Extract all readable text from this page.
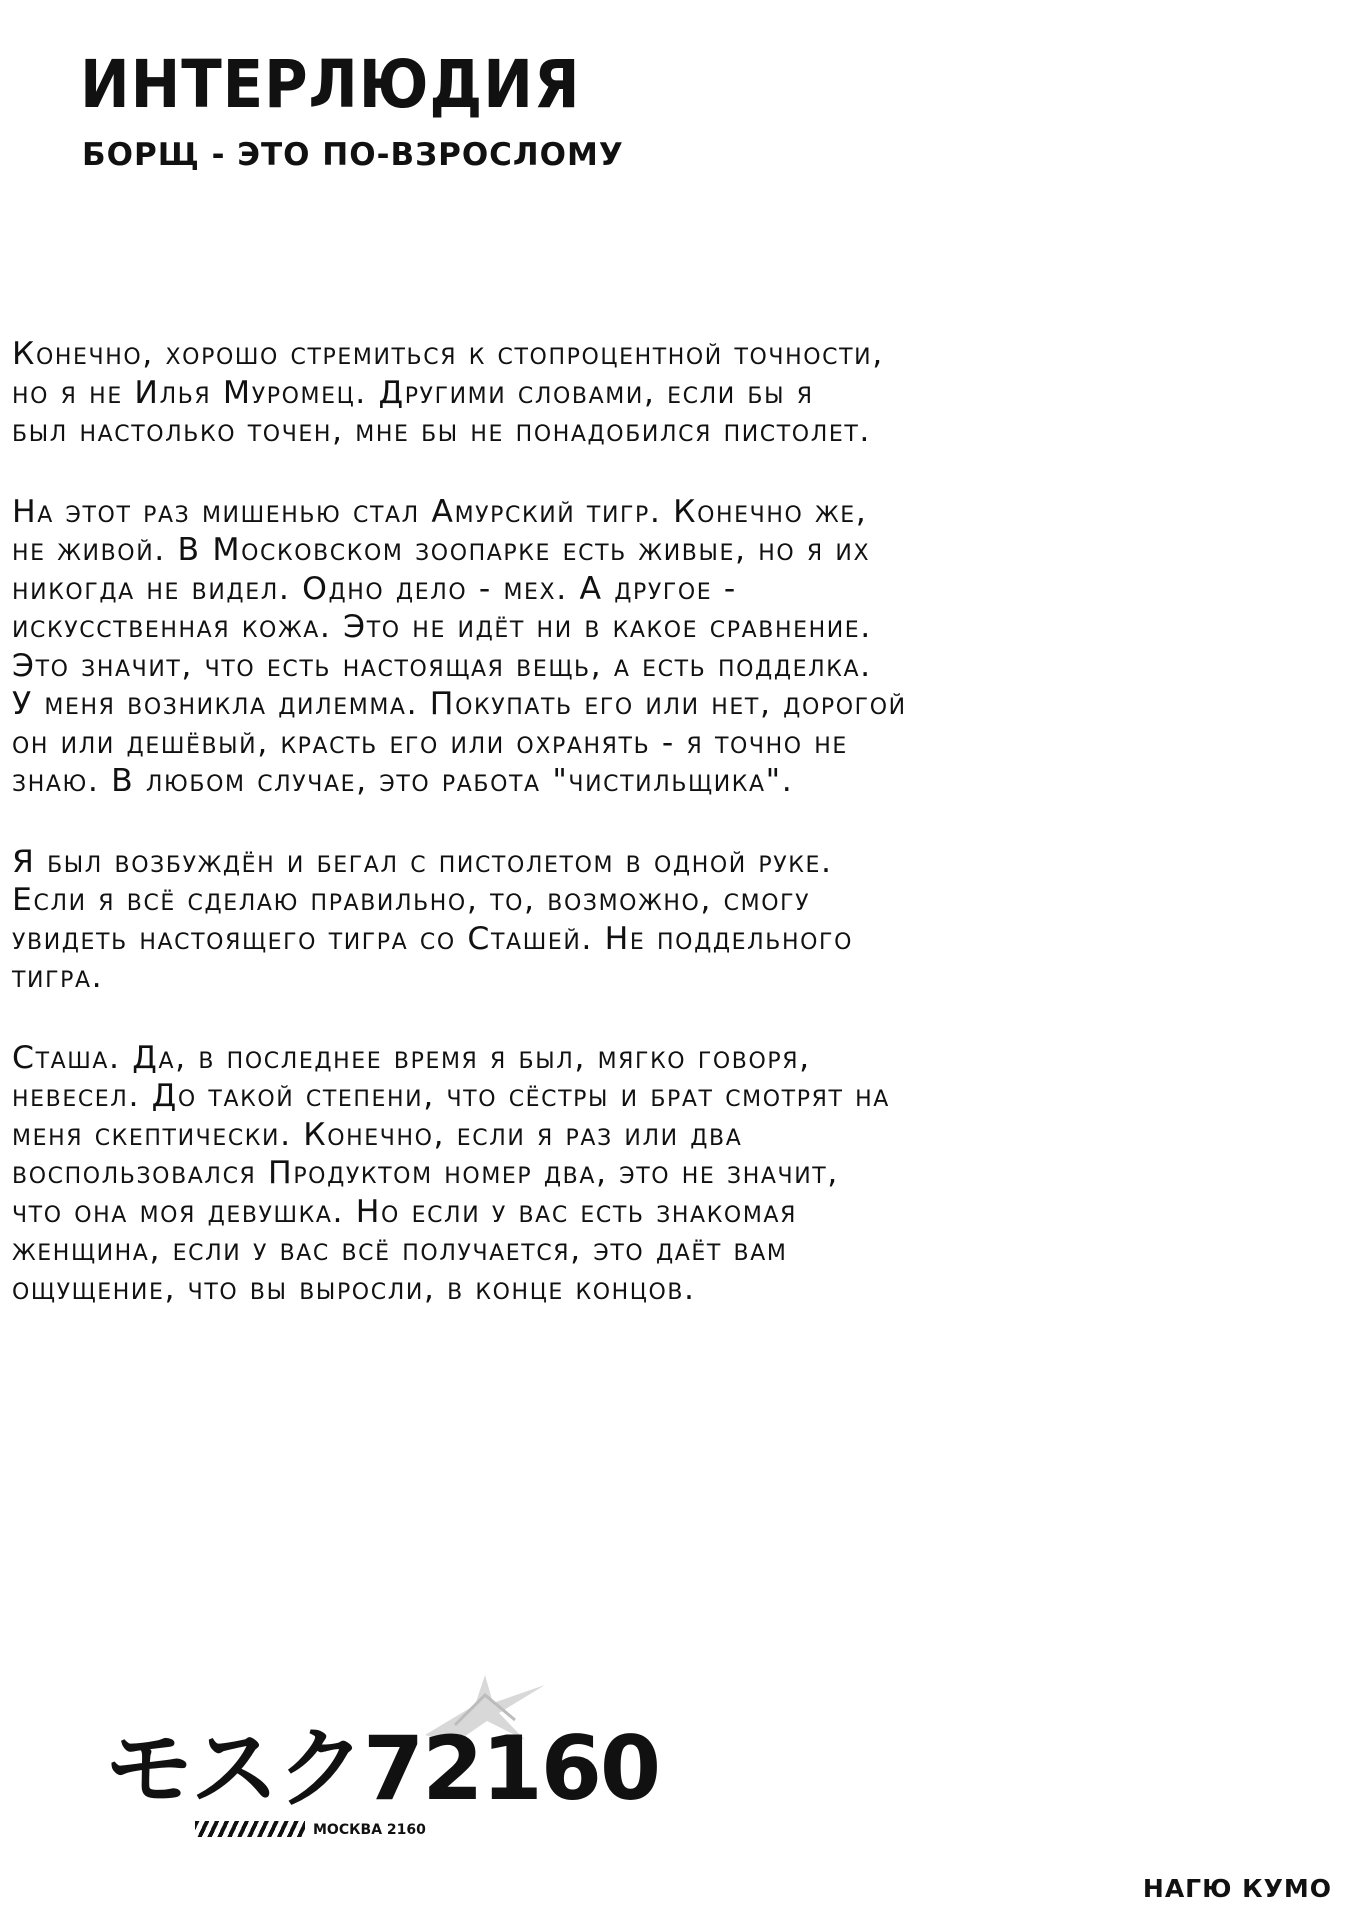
ИНТЕРЛЮДИЯ
БОРЩ - ЭТО ПО-ВЗРОСЛОМУ

Конечно, хорошо стремиться к стопроцентной точности,
но я не Илья Муромец. Другими словами, если бы я
был настолько точен, мне бы не понадобился пистолет.

На этот раз мишенью стал Амурский тигр. Конечно же,
не живой. В Московском зоопарке есть живые, но я их
никогда не видел. Одно дело - мех. А другое -
искусственная кожа. Это не идёт ни в какое сравнение.
Это значит, что есть настоящая вещь, а есть подделка.
У меня возникла дилемма. Покупать его или нет, дорогой
он или дешёвый, красть его или охранять - я точно не
знаю. В любом случае, это работа "чистильщика".

Я был возбуждён и бегал с пистолетом в одной руке.
Если я всё сделаю правильно, то, возможно, смогу
увидеть настоящего тигра со Сташей. Не поддельного
тигра.

Сташа. Да, в последнее время я был, мягко говоря,
невесел. До такой степени, что сёстры и брат смотрят на
меня скептически. Конечно, если я раз или два
воспользовался Продуктом номер два, это не значит,
что она моя девушка. Но если у вас есть знакомая
женщина, если у вас всё получается, это даёт вам
ощущение, что вы выросли, в конце концов.

モスク72160
МОСКВА 2160
НАГЮ КУМО
